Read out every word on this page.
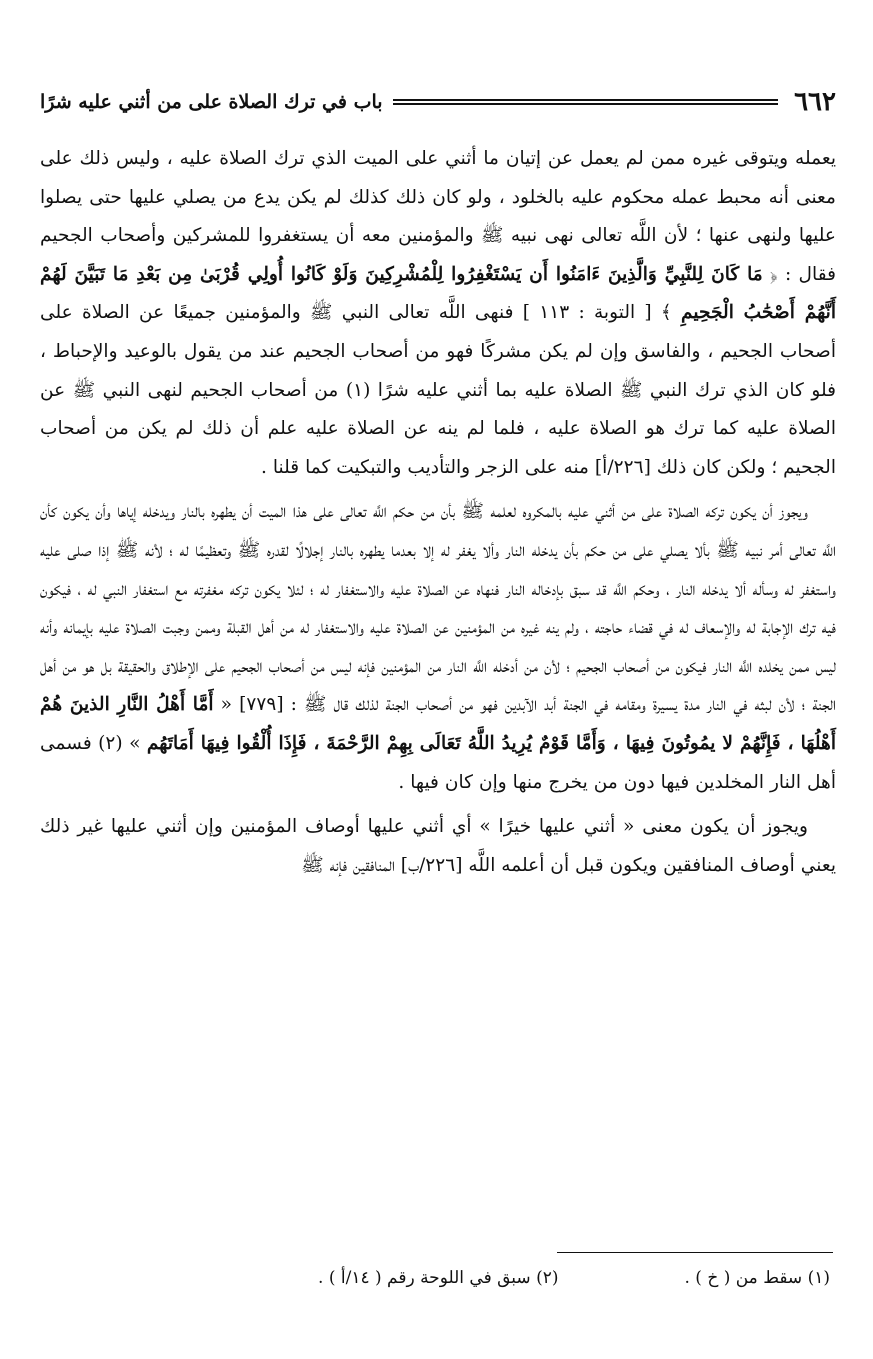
٦٦٢
باب في ترك الصلاة على من أثني عليه شرًا

يعمله ويتوقى غيره ممن لم يعمل عن إتيان ما أثني على الميت الذي ترك الصلاة عليه ، وليس ذلك على معنى أنه محبط عمله محكوم عليه بالخلود ، ولو كان ذلك كذلك لم يكن يدع من يصلي عليها حتى يصلوا عليها ولنهى عنها ؛ لأن اللَّه تعالى نهى نبيه ﷺ والمؤمنين معه أن يستغفروا للمشركين وأصحاب الجحيم فقال : ﴿ مَا كَانَ لِلنَّبِيِّ وَالَّذِينَ ءَامَنُوا أَن يَسْتَغْفِرُوا لِلْمُشْرِكِينَ وَلَوْ كَانُوا أُولِي قُرْبَىٰ مِن بَعْدِ مَا تَبَيَّنَ لَهُمْ أَنَّهُمْ أَصْحَٰبُ الْجَحِيمِ ﴾ [ التوبة : ١١٣ ] فنهى اللَّه تعالى النبي ﷺ والمؤمنين جميعًا عن الصلاة على أصحاب الجحيم ، والفاسق وإن لم يكن مشركًا فهو من أصحاب الجحيم عند من يقول بالوعيد والإحباط ، فلو كان الذي ترك النبي ﷺ الصلاة عليه بما أثني عليه شرًا (١) من أصحاب الجحيم لنهى النبي ﷺ عن الصلاة عليه كما ترك هو الصلاة عليه ، فلما لم ينه عن الصلاة عليه علم أن ذلك لم يكن من أصحاب الجحيم ؛ ولكن كان ذلك [٢٢٦/أ] منه على الزجر والتأديب والتبكيت كما قلنا .

ويجوز أن يكون تركه الصلاة على من أثني عليه بالمكروه لعلمه ﷺ بأن من حكم اللَّه تعالى على هذا الميت أن يطهره بالنار ويدخله إياها وأن يكون كأن اللَّه تعالى أمر نبيه ﷺ بألا يصلي على من حكم بأن يدخله النار وألا يغفر له إلا بعدما يطهره بالنار إجلالًا لقدره ﷺ وتعظيمًا له ؛ لأنه ﷺ إذا صلى عليه واستغفر له وسأله ألا يدخله النار ، وحكم اللَّه قد سبق بإدخاله النار فنهاه عن الصلاة عليه والاستغفار له ؛ لئلا يكون تركه مغفرته مع استغفار النبي له ، فيكون فيه ترك الإجابة له والإسعاف له في قضاء حاجته ، ولم ينه غيره من المؤمنين عن الصلاة عليه والاستغفار له من أهل القبلة وممن وجبت الصلاة عليه بإيمانه وأنه ليس ممن يخلده اللَّه النار فيكون من أصحاب الجحيم ؛ لأن من أدخله اللَّه النار من المؤمنين فإنه ليس من أصحاب الجحيم على الإطلاق والحقيقة بل هو من أهل الجنة ؛ لأن لبثه في النار مدة يسيرة ومقامه في الجنة أبد الآبدين فهو من أصحاب الجنة لذلك قال ﷺ : [٧٧٩] « أَمَّا أَهْلُ النَّارِ الذينَ هُمْ أَهْلُهَا ، فَإِنَّهُمْ لا يمُوتُونَ فِيهَا ، وَأَمَّا قَوْمٌ يُرِيدُ اللَّهُ تَعَالَى بِهِمْ الرَّحْمَةَ ، فَإِذَا أُلْقُوا فِيهَا أَمَاتَهُم » (٢) فسمى أهل النار المخلدين فيها دون من يخرج منها وإن كان فيها .

ويجوز أن يكون معنى « أثني عليها خيرًا » أي أثني عليها أوصاف المؤمنين وإن أثني عليها غير ذلك يعني أوصاف المنافقين ويكون قبل أن أعلمه اللَّه [٢٢٦/ب] المنافقين فإنه ﷺ

(١) سقط من ( خ ) .
(٢) سبق في اللوحة رقم ( ١٤/أ ) .
